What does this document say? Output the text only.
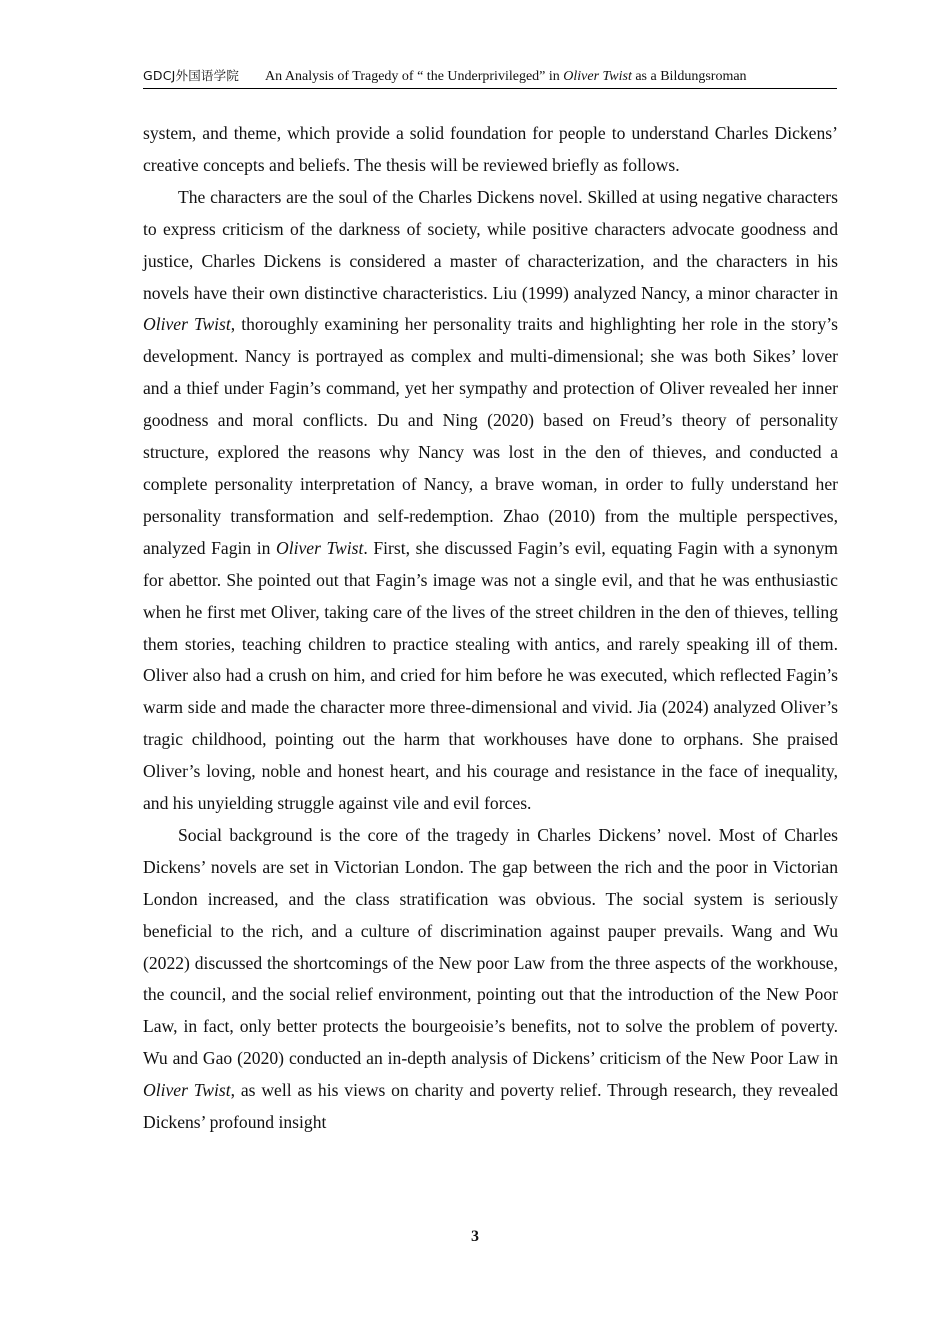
GDCJ外国语学院 An Analysis of Tragedy of “ the Underprivileged” in Oliver Twist as a Bildungsroman

system, and theme, which provide a solid foundation for people to understand Charles Dickens’ creative concepts and beliefs. The thesis will be reviewed briefly as follows.

The characters are the soul of the Charles Dickens novel. Skilled at using negative characters to express criticism of the darkness of society, while positive characters advocate goodness and justice, Charles Dickens is considered a master of characterization, and the characters in his novels have their own distinctive characteristics. Liu (1999) analyzed Nancy, a minor character in Oliver Twist, thoroughly examining her personality traits and highlighting her role in the story’s development. Nancy is portrayed as complex and multi-dimensional; she was both Sikes’ lover and a thief under Fagin’s command, yet her sympathy and protection of Oliver revealed her inner goodness and moral conflicts. Du and Ning (2020) based on Freud’s theory of personality structure, explored the reasons why Nancy was lost in the den of thieves, and conducted a complete personality interpretation of Nancy, a brave woman, in order to fully understand her personality transformation and self-redemption. Zhao (2010) from the multiple perspectives, analyzed Fagin in Oliver Twist. First, she discussed Fagin’s evil, equating Fagin with a synonym for abettor. She pointed out that Fagin’s image was not a single evil, and that he was enthusiastic when he first met Oliver, taking care of the lives of the street children in the den of thieves, telling them stories, teaching children to practice stealing with antics, and rarely speaking ill of them. Oliver also had a crush on him, and cried for him before he was executed, which reflected Fagin’s warm side and made the character more three-dimensional and vivid. Jia (2024) analyzed Oliver’s tragic childhood, pointing out the harm that workhouses have done to orphans. She praised Oliver’s loving, noble and honest heart, and his courage and resistance in the face of inequality, and his unyielding struggle against vile and evil forces.

Social background is the core of the tragedy in Charles Dickens’ novel. Most of Charles Dickens’ novels are set in Victorian London. The gap between the rich and the poor in Victorian London increased, and the class stratification was obvious. The social system is seriously beneficial to the rich, and a culture of discrimination against pauper prevails. Wang and Wu (2022) discussed the shortcomings of the New poor Law from the three aspects of the workhouse, the council, and the social relief environment, pointing out that the introduction of the New Poor Law, in fact, only better protects the bourgeoisie’s benefits, not to solve the problem of poverty. Wu and Gao (2020) conducted an in-depth analysis of Dickens’ criticism of the New Poor Law in Oliver Twist, as well as his views on charity and poverty relief. Through research, they revealed Dickens’ profound insight

3
